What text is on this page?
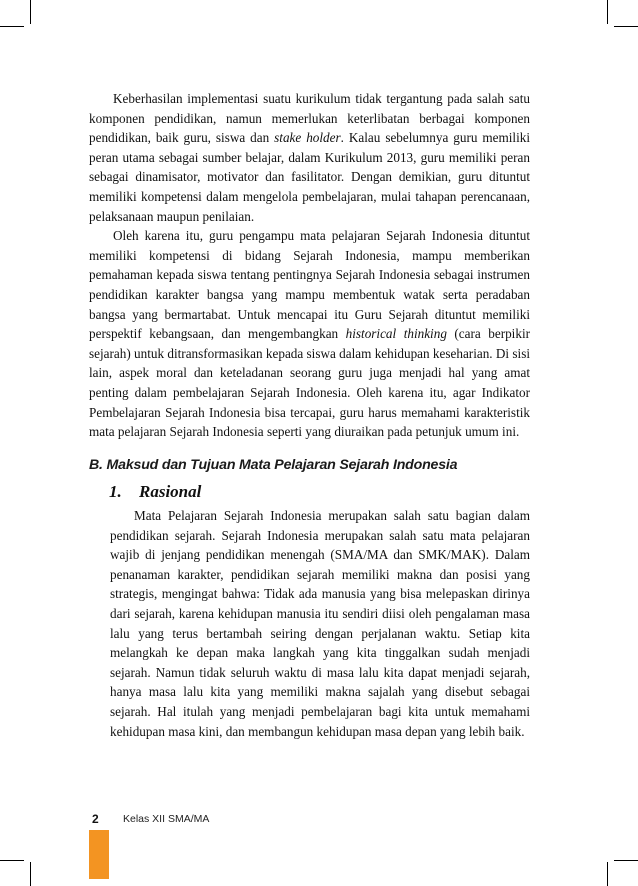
Keberhasilan implementasi suatu kurikulum tidak tergantung pada salah satu komponen pendidikan, namun memerlukan keterlibatan berbagai komponen pendidikan, baik guru, siswa dan stake holder. Kalau sebelumnya guru memiliki peran utama sebagai sumber belajar, dalam Kurikulum 2013, guru memiliki peran sebagai dinamisator, motivator dan fasilitator. Dengan demikian, guru dituntut memiliki kompetensi dalam mengelola pembelajaran, mulai tahapan perencanaan, pelaksanaan maupun penilaian.

Oleh karena itu, guru pengampu mata pelajaran Sejarah Indonesia dituntut memiliki kompetensi di bidang Sejarah Indonesia, mampu memberikan pemahaman kepada siswa tentang pentingnya Sejarah Indonesia sebagai instrumen pendidikan karakter bangsa yang mampu membentuk watak serta peradaban bangsa yang bermartabat. Untuk mencapai itu Guru Sejarah dituntut memiliki perspektif kebangsaan, dan mengembangkan historical thinking (cara berpikir sejarah) untuk ditransformasikan kepada siswa dalam kehidupan keseharian. Di sisi lain, aspek moral dan keteladanan seorang guru juga menjadi hal yang amat penting dalam pembelajaran Sejarah Indonesia. Oleh karena itu, agar Indikator Pembelajaran Sejarah Indonesia bisa tercapai, guru harus memahami karakteristik mata pelajaran Sejarah Indonesia seperti yang diuraikan pada petunjuk umum ini.

B. Maksud dan Tujuan Mata Pelajaran Sejarah Indonesia
1. Rasional

Mata Pelajaran Sejarah Indonesia merupakan salah satu bagian dalam pendidikan sejarah. Sejarah Indonesia merupakan salah satu mata pelajaran wajib di jenjang pendidikan menengah (SMA/MA dan SMK/MAK). Dalam penanaman karakter, pendidikan sejarah memiliki makna dan posisi yang strategis, mengingat bahwa: Tidak ada manusia yang bisa melepaskan dirinya dari sejarah, karena kehidupan manusia itu sendiri diisi oleh pengalaman masa lalu yang terus bertambah seiring dengan perjalanan waktu. Setiap kita melangkah ke depan maka langkah yang kita tinggalkan sudah menjadi sejarah. Namun tidak seluruh waktu di masa lalu kita dapat menjadi sejarah, hanya masa lalu kita yang memiliki makna sajalah yang disebut sebagai sejarah. Hal itulah yang menjadi pembelajaran bagi kita untuk memahami kehidupan masa kini, dan membangun kehidupan masa depan yang lebih baik.

2 Kelas XII SMA/MA
